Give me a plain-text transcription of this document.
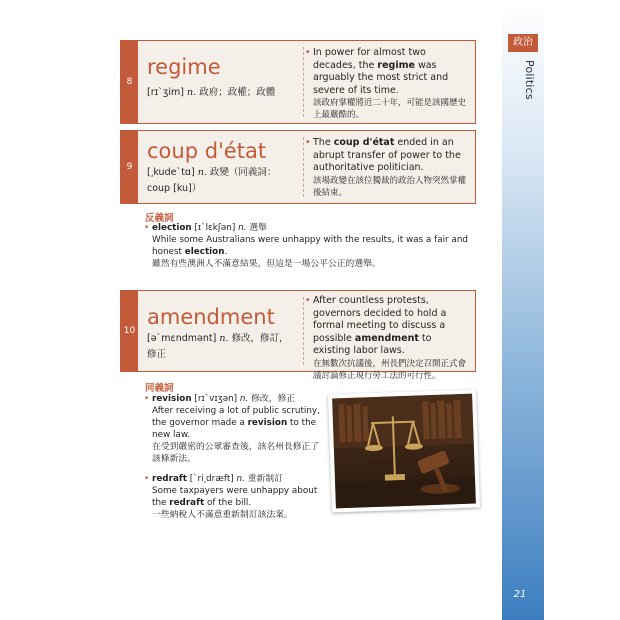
政治
Politics
21
8
regime
[rɪˋʒim] n. 政府；政權；政體
• In power for almost two decades, the regime was arguably the most strict and severe of its time.
該政府掌權將近二十年，可能是該國歷史上最嚴酷的。
9
coup d'état
[͵kudeˋtɑ] n. 政變（同義詞：
coup [ku]）
• The coup d'état ended in an abrupt transfer of power to the authoritative politician.
該場政變在該位獨裁的政治人物突然掌權後結束。
反義詞
• election [ɪˋlɛkʃən] n. 選舉
While some Australians were unhappy with the results, it was a fair and honest election.
雖然有些澳洲人不滿意結果，但這是一場公平公正的選舉。
10
amendment
[əˋmɛndmənt] n. 修改，修訂，
修正
• After countless protests, governors decided to hold a formal meeting to discuss a possible amendment to existing labor laws.
在無數次抗議後，州長們決定召開正式會議討論修正現行勞工法的可行性。
同義詞
• revision [rɪˋvɪʒən] n. 修改，修正
After receiving a lot of public scrutiny, the governor made a revision to the new law.
在受到嚴密的公眾審查後，該名州長修正了該條新法。
• redraft [ˋri͵dræft] n. 重新制訂
Some taxpayers were unhappy about the redraft of the bill.
一些納稅人不滿意重新制訂該法案。
